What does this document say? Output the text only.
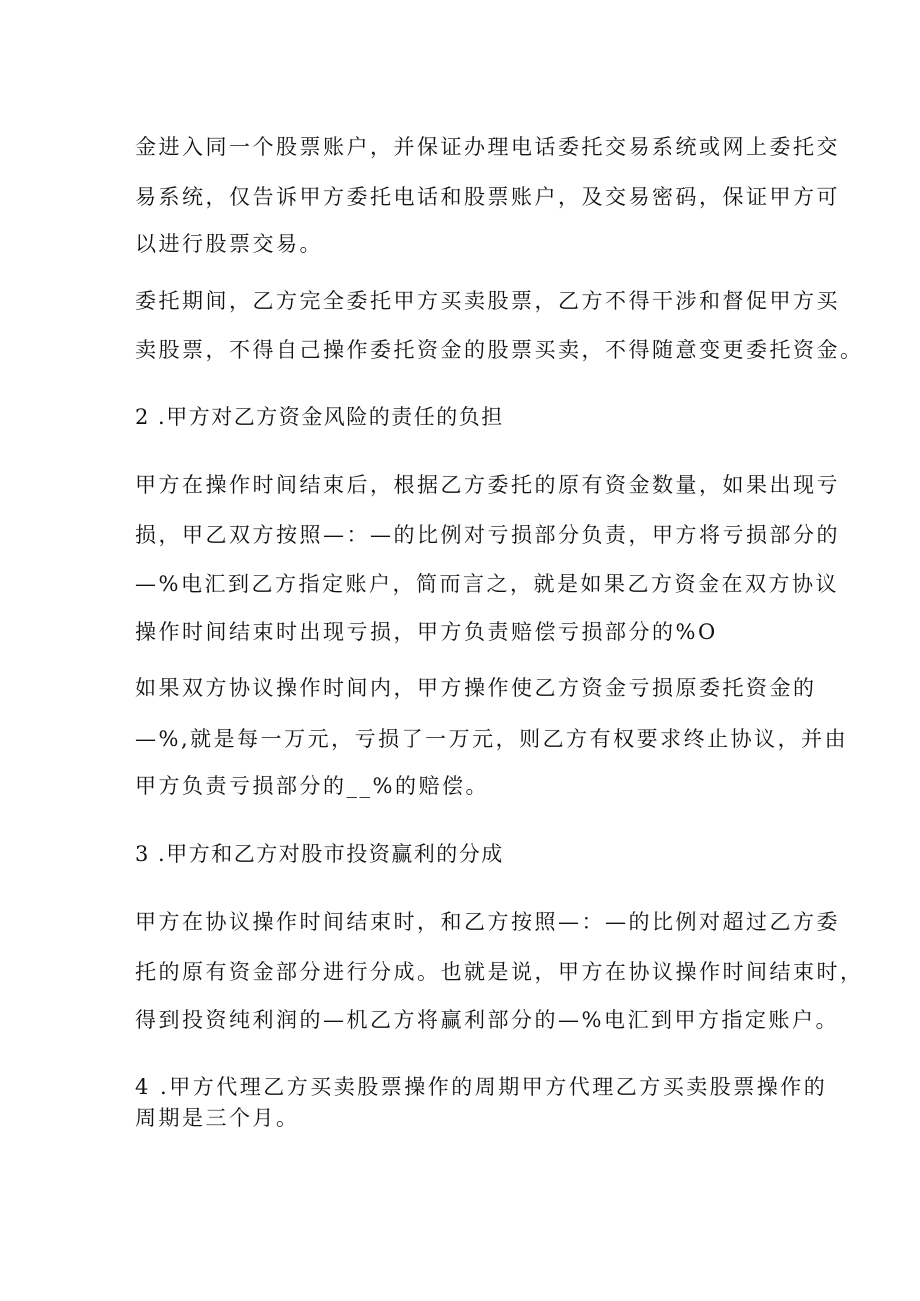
金进入同一个股票账户，并保证办理电话委托交易系统或网上委托交

易系统，仅告诉甲方委托电话和股票账户，及交易密码，保证甲方可

以进行股票交易。

委托期间，乙方完全委托甲方买卖股票，乙方不得干涉和督促甲方买

卖股票，不得自己操作委托资金的股票买卖，不得随意变更委托资金。

2 .甲方对乙方资金风险的责任的负担

甲方在操作时间结束后，根据乙方委托的原有资金数量，如果出现亏

损，甲乙双方按照—：—的比例对亏损部分负责，甲方将亏损部分的

—%电汇到乙方指定账户，简而言之，就是如果乙方资金在双方协议

操作时间结束时出现亏损，甲方负责赔偿亏损部分的%O

如果双方协议操作时间内，甲方操作使乙方资金亏损原委托资金的

—%,就是每一万元，亏损了一万元，则乙方有权要求终止协议，并由

甲方负责亏损部分的__%的赔偿。

3 .甲方和乙方对股市投资赢利的分成

甲方在协议操作时间结束时，和乙方按照—：—的比例对超过乙方委

托的原有资金部分进行分成。也就是说，甲方在协议操作时间结束时，

得到投资纯利润的—机乙方将赢利部分的—%电汇到甲方指定账户。

4 .甲方代理乙方买卖股票操作的周期甲方代理乙方买卖股票操作的

周期是三个月。
